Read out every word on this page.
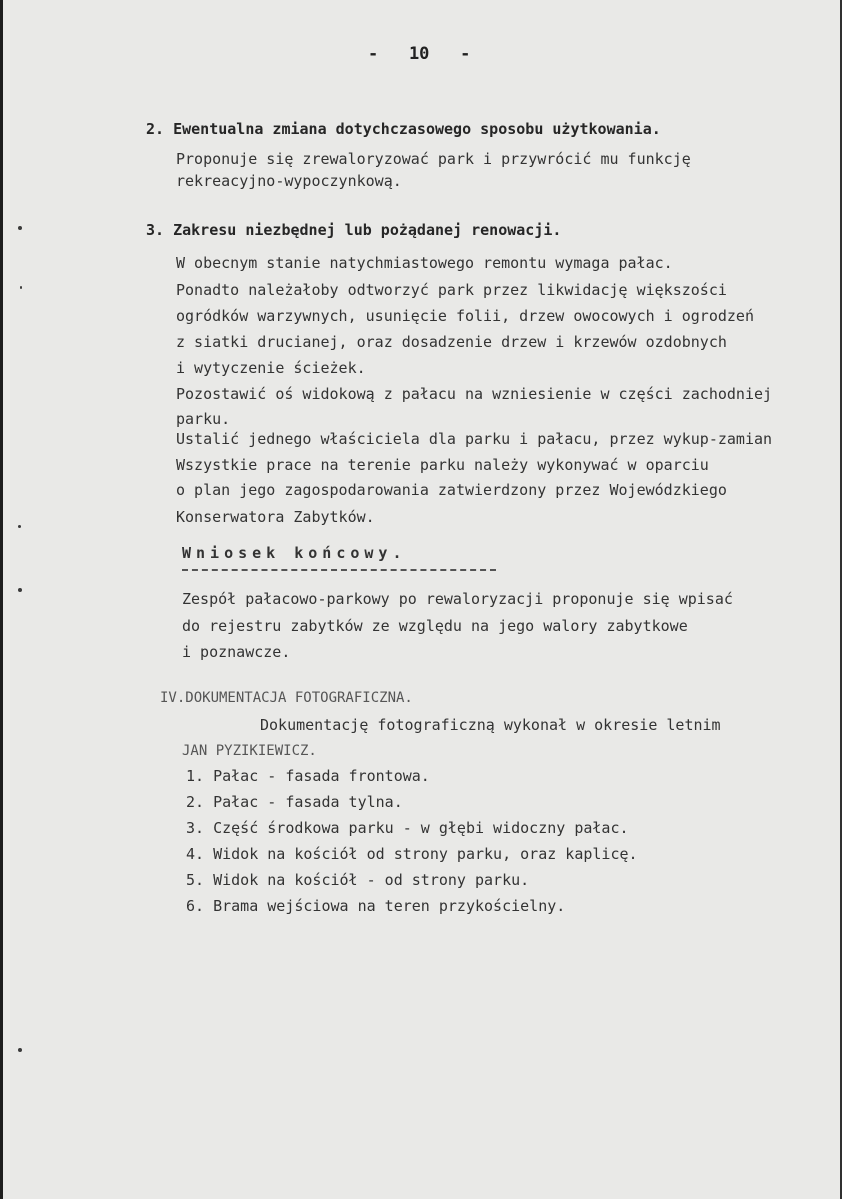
-   10   -
2. Ewentualna zmiana dotychczasowego sposobu użytkowania.
Proponuje się zrewaloryzować park i przywrócić mu funkcję
rekreacyjno-wypoczynkową.
3. Zakresu niezbędnej lub pożądanej renowacji.
W obecnym stanie natychmiastowego remontu wymaga pałac.
Ponadto należałoby odtworzyć park przez likwidację większości
ogródków warzywnych, usunięcie folii, drzew owocowych i ogrodzeń
z siatki drucianej, oraz dosadzenie drzew i krzewów ozdobnych
i wytyczenie ścieżek.
Pozostawić oś widokową z pałacu na wzniesienie w części zachodniej
parku.
Ustalić jednego właściciela dla parku i pałacu, przez wykup-zamian
Wszystkie prace na terenie parku należy wykonywać w oparciu
o plan jego zagospodarowania zatwierdzony przez Wojewódzkiego
Konserwatora Zabytków.
Wniosek końcowy.
Zespół pałacowo-parkowy po rewaloryzacji proponuje się wpisać
do rejestru zabytków ze względu na jego walory zabytkowe
i poznawcze.
IV.DOKUMENTACJA FOTOGRAFICZNA.
Dokumentację fotograficzną wykonał w okresie letnim
JAN PYZIKIEWICZ.
1. Pałac - fasada frontowa.
2. Pałac - fasada tylna.
3. Część środkowa parku - w głębi widoczny pałac.
4. Widok na kościół od strony parku, oraz kaplicę.
5. Widok na kościół - od strony parku.
6. Brama wejściowa na teren przykościelny.
